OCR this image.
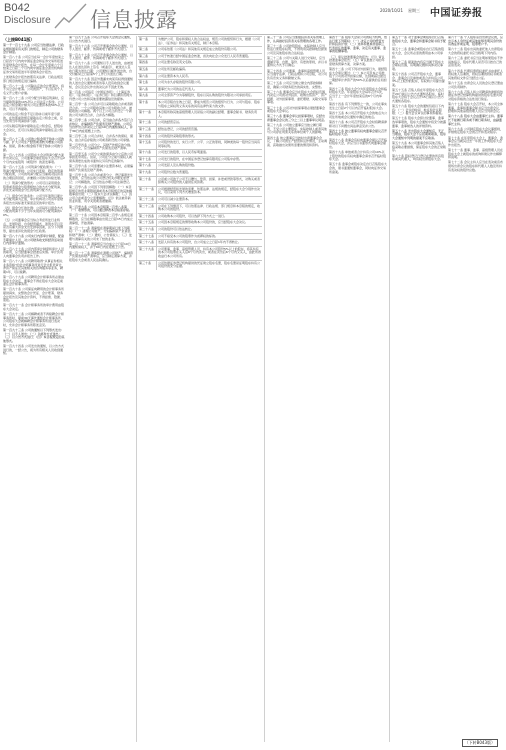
B042
Disclosure 信息披露	2020/10/21 星期三 中国证券报
（上接B041版）
第一千一百七十九条 公司应当依据法律、行政法规和国家有关部门的规定，制定公司的财务会计制度。
第一百八十条 公司应当在每一会计年度结束之日起四个月内向中国证监会和证券交易所报送年度财务会计报告，在每一会计年度前六个月结束之日起二个月内向中国证监会派出机构和证券交易所报送半年度财务会计报告。
上述财务会计报告按照有关法律、行政法规及部门规章的规定进行编制。
第一百八十一条 公司除法定的会计账簿外，将不另立会计账簿。公司的资产，不以任何个人名义开立账户存储。
第一百八十二条 公司分配当年税后利润时，应当提取利润的10%列入公司法定公积金。公司法定公积金累计额为公司注册资本的50%以上的，可以不再提取。
公司的法定公积金不足以弥补以前年度亏损的，在依照前款规定提取法定公积金之前，应当先用当年利润弥补亏损。
公司从税后利润中提取法定公积金后，经股东大会决议，还可以从税后利润中提取任意公积金。
第一百八十三条 公司的公积金用于弥补公司的亏损、扩大公司生产经营或者转为增加公司资本。但是，资本公积金将不用于弥补公司的亏损。
第一百八十四条 公司股东大会对利润分配方案作出决议后，公司董事会须在股东大会召开后2个月内完成股利（或股份）的派发事项。
第一百八十五条 公司利润分配政策为：（一）利润分配的原则：公司实行连续、稳定的利润分配政策，公司的利润分配应当重视对投资者的合理投资回报，并兼顾公司的可持续发展。
（二）利润分配的形式：公司可以采用现金、股票或者现金与股票相结合的方式分配利润，并优先采用现金分红的利润分配方式。
（三）现金分红的条件：公司当年盈利且累计未分配利润为正值，审计机构对公司该年度财务报告出具标准无保留意见的审计报告。
（四）现金分红的比例：公司每年以现金方式分配的利润不少于当年实现的可分配利润的10%。
（五）公司董事会应当综合考虑所处行业特点、发展阶段、自身经营模式、盈利水平以及是否有重大资金支出安排等因素，区分下列情形，提出差异化的现金分红政策。
第一百八十六条 公司实行内部审计制度，配备专职审计人员，对公司财务收支和经济活动进行内部审计监督。
第一百八十七条 公司内部审计制度和审计人员的职责，应当经董事会批准后实施。审计负责人向董事会负责并报告工作。
第一百八十八条 公司聘用取得“从事证券相关业务资格”的会计师事务所进行会计报表审计、净资产验证及其他相关的咨询服务等业务，聘期1年，可以续聘。
第一百八十九条 公司聘用会计师事务所必须由股东大会决定，董事会不得在股东大会决定前委任会计师事务所。
第一百九十条 公司保证向聘用的会计师事务所提供真实、完整的会计凭证、会计账簿、财务会计报告及其他会计资料，不得拒绝、隐匿、谎报。
第一百九十一条 会计师事务所的审计费用由股东大会决定。
第一百九十二条 公司解聘或者不再续聘会计师事务所时，提前30天事先通知会计师事务所，公司股东大会就解聘会计师事务所进行表决时，允许会计师事务所陈述意见。
第一百九十三条 公司的通知以下列形式发出：（一）以专人送出；（二）以邮件方式送出；（三）以公告方式进行；（四）本章程规定的其他形式。
第一百九十四条 公司发出的通知，以公告方式进行的，一经公告，视为所有相关人员收到通知。
第一百九十五条 公司召开股东大会的会议通知，以公告方式进行。
第一百九十六条 公司召开董事会的会议通知，以专人送出、邮件、传真或电子邮件方式进行。
第一百九十七条 公司召开监事会的会议通知，以专人送出、邮件、传真或电子邮件方式进行。
第一百九十八条 公司通知以专人送出的，由被送达人在送达回执上签名（或盖章），被送达人签收日期为送达日期；公司通知以邮件送出的，自交付邮局之日起第5个工作日为送达日期。
第一百九十九条 因意外遗漏未向某有权得到通知的人送出会议通知或者该等人没有收到会议通知，会议及会议作出的决议并不因此无效。
第二百条 公司指定《中国证券报》、《上海证券报》、《证券时报》、《证券日报》和巨潮资讯网为刊登公司公告和其他需要披露信息的媒体。
第二百零一条 公司合并可以采取吸收合并或者新设合并。一个公司吸收其他公司为吸收合并，被吸收的公司解散。两个以上公司合并设立一个新的公司为新设合并，合并各方解散。
第二百零二条 公司合并，应当由合并各方签订合并协议，并编制资产负债表及财产清单。公司应当自作出合并决议之日起10日内通知债权人，并于30日内在报纸上公告。
第二百零三条 公司合并时，合并各方的债权、债务，由合并后存续的公司或者新设的公司承继。
第二百零四条 公司分立，其财产作相应的分割。公司分立，应当编制资产负债表及财产清单。
第二百零五条 公司分立前的债务由分立后的公司承担连带责任。但是，公司在分立前与债权人就债务清偿达成的书面协议另有约定的除外。
第二百零六条 公司需要减少注册资本时，必须编制资产负债表及财产清单。
第二百零七条 公司合并或者分立，登记事项发生变更的，应当依法向公司登记机关办理变更登记；公司解散的，应当依法办理公司注销登记。
第二百零八条 公司因下列原因解散：（一）本章程规定的营业期限届满或者本章程规定的其他解散事由出现；（二）股东大会决议解散；（三）因公司合并或者分立需要解散；（四）依法被吊销营业执照、责令关闭或者被撤销。
第二百零九条 公司有本章程第二百零八条第（一）项情形的，可以通过修改本章程而存续。
第二百一十条 公司因本章程第二百零八条规定而解散的，应当在解散事由出现之日起15日内成立清算组，开始清算。
第二百一十一条 清算组在清算期间行使下列职权：（一）清理公司财产，分别编制资产负债表和财产清单；（二）通知、公告债权人；（三）处理与清算有关的公司未了结的业务。
第二百一十二条 清算组应当自成立之日起10日内通知债权人，并于60日内在报纸上公告。
第二百一十三条 清算组在清理公司财产、编制资产负债表和财产清单后，应当制定清算方案，并报股东大会或者人民法院确认。
第一条	为维护公司、股东和债权人的合法权益，规范公司的组织和行为，根据《公司法》、《证券法》和其他有关规定，制订本章程。
第二条	公司系依照《公司法》和其他有关规定成立的股份有限公司。
第三条	公司于核准日经中国证监会核准，首次向社会公众发行人民币普通股。
第四条	公司注册名称及英文名称。
第五条	公司住所及邮政编码。
第六条	公司注册资本为人民币。
第七条	公司为永久存续的股份有限公司。
第八条	董事长为公司的法定代表人。
第九条	公司全部资产分为等额股份，股东以其认购的股份为限对公司承担责任。
第十条	本公司章程自生效之日起，即成为规范公司的组织与行为、公司与股东、股东与股东之间权利义务关系的具有法律约束力的文件。
第十一条	本章程所称其他高级管理人员是指公司的副总经理、董事会秘书、财务负责人。
第十二条	公司的经营宗旨。
第十三条	经依法登记，公司的经营范围。
第十四条	公司的股份采取股票的形式。
第十五条	公司股份的发行，实行公开、公平、公正的原则，同种类的每一股份应当具有同等权利。
第十六条	公司发行的股票，以人民币标明面值。
第十七条	公司发行的股份，在中国证券登记结算有限责任公司集中存管。
第十八条	公司发起人及认购的股份数。
第十九条	公司股份总数为普通股。
第二十条	公司或公司的子公司不以赠与、垫资、担保、补偿或贷款等形式，对购买或者拟购买公司股份的人提供任何资助。
第二十一条	公司根据经营和发展的需要，依照法律、法规的规定，经股东大会分别作出决议，可以采用下列方式增加资本。
第二十二条	公司可以减少注册资本。
第二十三条	公司在下列情况下，可以依照法律、行政法规、部门规章和本章程的规定，收购本公司的股份。
第二十四条	公司收购本公司股份，可以选择下列方式之一进行。
第二十五条	公司因本章程规定的情形收购本公司股份的，应当经股东大会决议。
第二十六条	公司的股份可以依法转让。
第二十七条	公司不接受本公司的股票作为质押权的标的。
第二十八条	发起人持有的本公司股份，自公司成立之日起1年内不得转让。
第二十九条	公司董事、监事、高级管理人员、持有本公司股份5%以上的股东，将其持有的本公司股票在买入后6个月内卖出，或者在卖出后6个月内又买入，由此所得收益归本公司所有。
第三十条	公司依据证券登记机构提供的凭证建立股东名册，股东名册是证明股东持有公司股份的充分证据。
第三十一条 公司应当加强投资者关系管理工作，认真做好投资者关系管理的各项工作。
第三十二条 公司控股股东、实际控制人应当依法行使股东权利，不得利用其控制地位损害公司及其他股东的合法权益。
第三十三条 公司与关联人进行交易时，应当遵循平等、自愿、等价、有偿的原则，并以书面协议方式予以确定。
第三十四条 公司董事、监事和高级管理人员应当遵守法律、行政法规和公司章程，对公司负有忠实义务和勤勉义务。
第三十五条 公司应当建立健全内部控制制度，确保公司财务报告的真实性、完整性。
第三十六条 董事会应当在股东大会授权范围内决定公司的对外投资、收购出售资产、资产抵押、对外担保事项、委托理财、关联交易等事项。
第三十七条 公司对外担保事项必须经董事会或股东大会审议。
第三十八条 董事会审议担保事项时，应经出席董事会会议的三分之二以上董事审议同意。
第三十九条 公司独立董事应当独立履行职责，不受公司主要股东、实际控制人或者其他与公司存在利害关系的单位或个人的影响。
第四十条 独立董事应当按时出席董事会会议，了解公司的生产经营和运作情况，主动调查、获取做出决策所需要的情况和资料。
第四十一条 股东大会是公司的权力机构，依法行使下列职权：（一）决定公司的经营方针和投资计划；（二）选举和更换非由职工代表担任的董事、监事，决定有关董事、监事的报酬事项。
（三）审议批准董事会的报告；（四）审议批准监事会报告；（五）审议批准公司的年度财务预算方案、决算方案。
第四十二条 公司下列对外担保行为，须经股东大会审议通过：（一）本公司及本公司控股子公司的对外担保总额，达到或超过最近一期经审计净资产的50%以后提供的任何担保。
第四十三条 股东大会分为年度股东大会和临时股东大会。年度股东大会每年召开1次，应当于上一会计年度结束后的6个月内举行。
第四十四条 有下列情形之一的，公司在事实发生之日起2个月以内召开临时股东大会。
第四十五条 本公司召开股东大会的地点为公司住所地或会议通知中确定的地点。
第四十六条 本公司召开股东大会时将聘请律师对以下问题出具法律意见并公告。
第四十七条 独立董事有权向董事会提议召开临时股东大会。
第四十八条 监事会有权向董事会提议召开临时股东大会，并应当以书面形式向董事会提出。
第四十九条 单独或者合计持有公司10%以上股份的股东有权向董事会请求召开临时股东大会。
第五十条 监事会或股东决定自行召集股东大会的，须书面通知董事会，同时向证券交易所备案。
第五十一条 对于监事会或股东自行召集的股东大会，董事会和董事会秘书将予配合。
第五十二条 监事会或股东自行召集的股东大会，会议所必需的费用由本公司承担。
第五十三条 提案的内容应当属于股东大会职权范围，有明确议题和具体决议事项。
第五十四条 公司召开股东大会，董事会、监事会以及单独或者合并持有公司3%以上股份的股东，有权向公司提出提案。
第五十五条 召集人将在年度股东大会召开20日前以公告方式通知各股东，临时股东大会将于会议召开15日前以公告方式通知各股东。
第五十六条 股东大会的通知包括以下内容：（一）会议的时间、地点和会议期限；（二）提交会议审议的事项和提案。
第五十七条 股东大会拟讨论董事、监事选举事项的，股东大会通知中将充分披露董事、监事候选人的详细资料。
第五十八条 发出股东大会通知后，无正当理由，股东大会不应延期或取消，股东大会通知中列明的提案不应取消。
第五十九条 本公司董事会和其他召集人将采取必要措施，保证股东大会的正常秩序。
第六十条 股权登记日登记在册的所有股东或其代理人，均有权出席股东大会。
第六十一条 个人股东亲自出席会议的，应出示本人身份证或其他能够表明其身份的有效证件或证明、股票账户卡。
第六十二条 股东出具的委托他人出席股东大会的授权委托书应当载明下列内容。
第六十三条 委托书应当注明如果股东不作具体指示，股东代理人是否可以按自己的意思表决。
第六十四条 代理投票授权委托书由委托人授权他人签署的，授权签署的授权书或者其他授权文件应当经过公证。
第六十五条 出席会议人员的会议登记册由公司负责制作。
第六十六条 召集人和公司聘请的律师将依据证券登记结算机构提供的股东名册共同对股东资格的合法性进行验证。
第六十七条 股东大会召开时，本公司全体董事、监事和董事会秘书应当出席会议，经理和其他高级管理人员应当列席会议。
第六十八条 股东大会由董事长主持。董事长不能履行职务或不履行职务时，由副董事长主持。
第六十九条 公司制定股东大会议事规则，详细规定股东大会的召开和表决程序。
第七十条 在年度股东大会上，董事会、监事会应当就其过去一年的工作向股东大会作出报告。
第七十一条 董事、监事、高级管理人员在股东大会上就股东的质询和建议作出解释和说明。
第七十二条 会议主持人应当在表决前宣布现场出席会议的股东和代理人人数及所持有表决权的股份总数。
（下转B043版）
